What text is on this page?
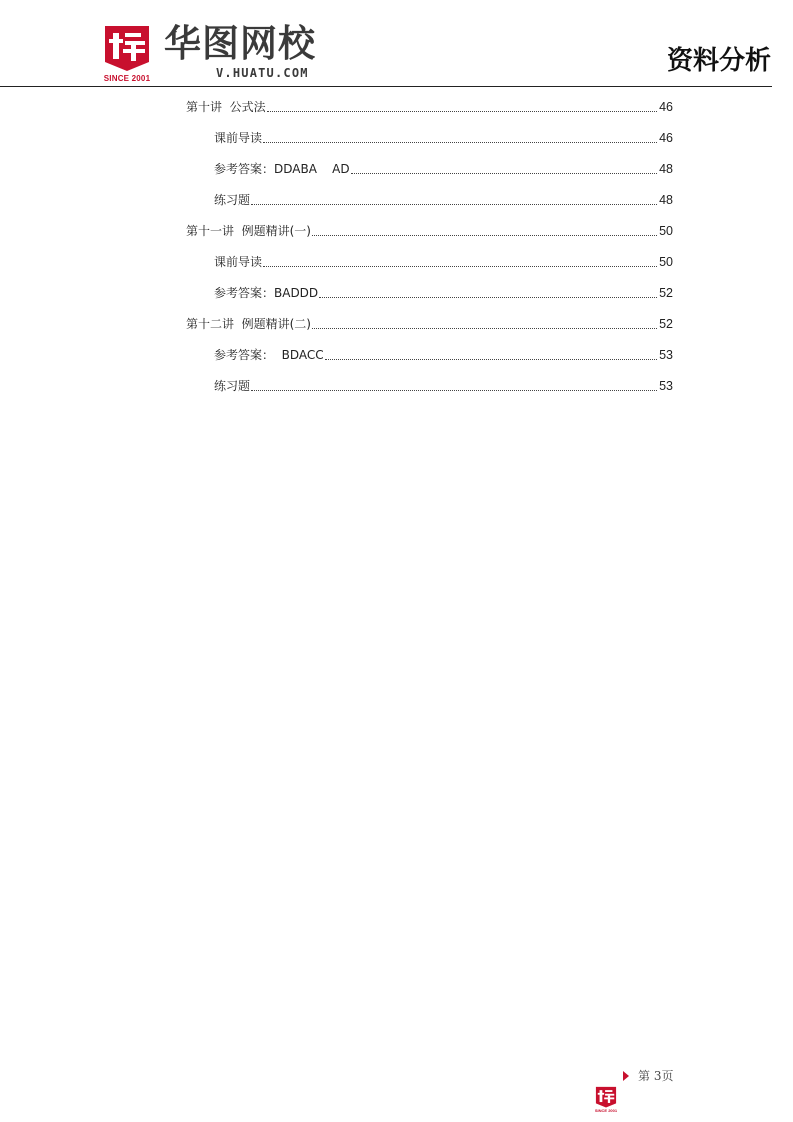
SINCE 2001
华图网校
V.HUATU.COM	资料分析
第十讲  公式法	46
课前导读	46
参考答案：DDABA    AD	48
练习题	48
第十一讲  例题精讲(一)	50
课前导读	50
参考答案：BADDD	52
第十二讲  例题精讲(二)	52
参考答案：  BDACC	53
练习题	53
第 3页
SINCE 2001
